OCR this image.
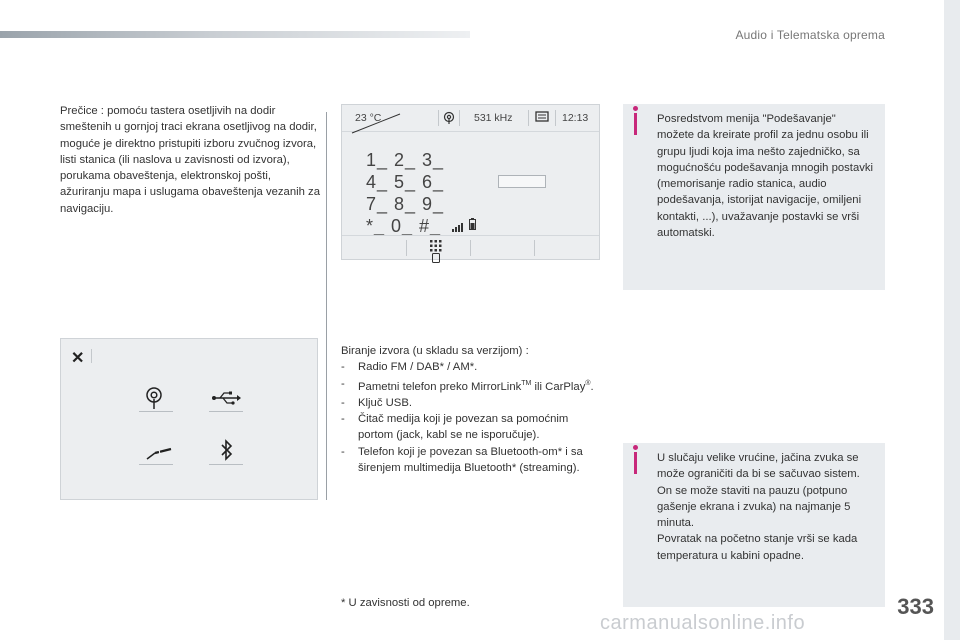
Audio i Telematska oprema
Prečice : pomoću tastera osetljivih na dodir smeštenih u gornjoj traci ekrana osetljivog na dodir, moguće je direktno pristupiti izboru zvučnog izvora, listi stanica (ili naslova u zavisnosti od izvora), porukama obaveštenja, elektronskoj pošti, ažuriranju mapa i uslugama obaveštenja vezanih za navigaciju.
23 °C	531 kHz	12:13
1_ 2_ 3_
4_ 5_ 6_
7_ 8_ 9_
*_ 0_ #_
Posredstvom menija "Podešavanje" možete da kreirate profil za jednu osobu ili grupu ljudi koja ima nešto zajedničko, sa mogućnošću podešavanja mnogih postavki (memorisanje radio stanica, audio podešavanja, istorijat navigacije, omiljeni kontakti, ...), uvažavanje postavki se vrši automatski.
✕	Biranje izvora (u skladu sa verzijom) :
- Radio FM / DAB* / AM*.
- Pametni telefon preko MirrorLink™ ili CarPlay®.
- Ključ USB.
- Čitač medija koji je povezan sa pomoćnim portom (jack, kabl se ne isporučuje).
- Telefon koji je povezan sa Bluetooth-om* i sa širenjem multimedija Bluetooth* (streaming).
U slučaju velike vrućine, jačina zvuka se može ograničiti da bi se sačuvao sistem. On se može staviti na pauzu (potpuno gašenje ekrana i zvuka) na najmanje 5 minuta.
Povratak na početno stanje vrši se kada temperatura u kabini opadne.
* U zavisnosti od opreme.	333
carmanualsonline.info
